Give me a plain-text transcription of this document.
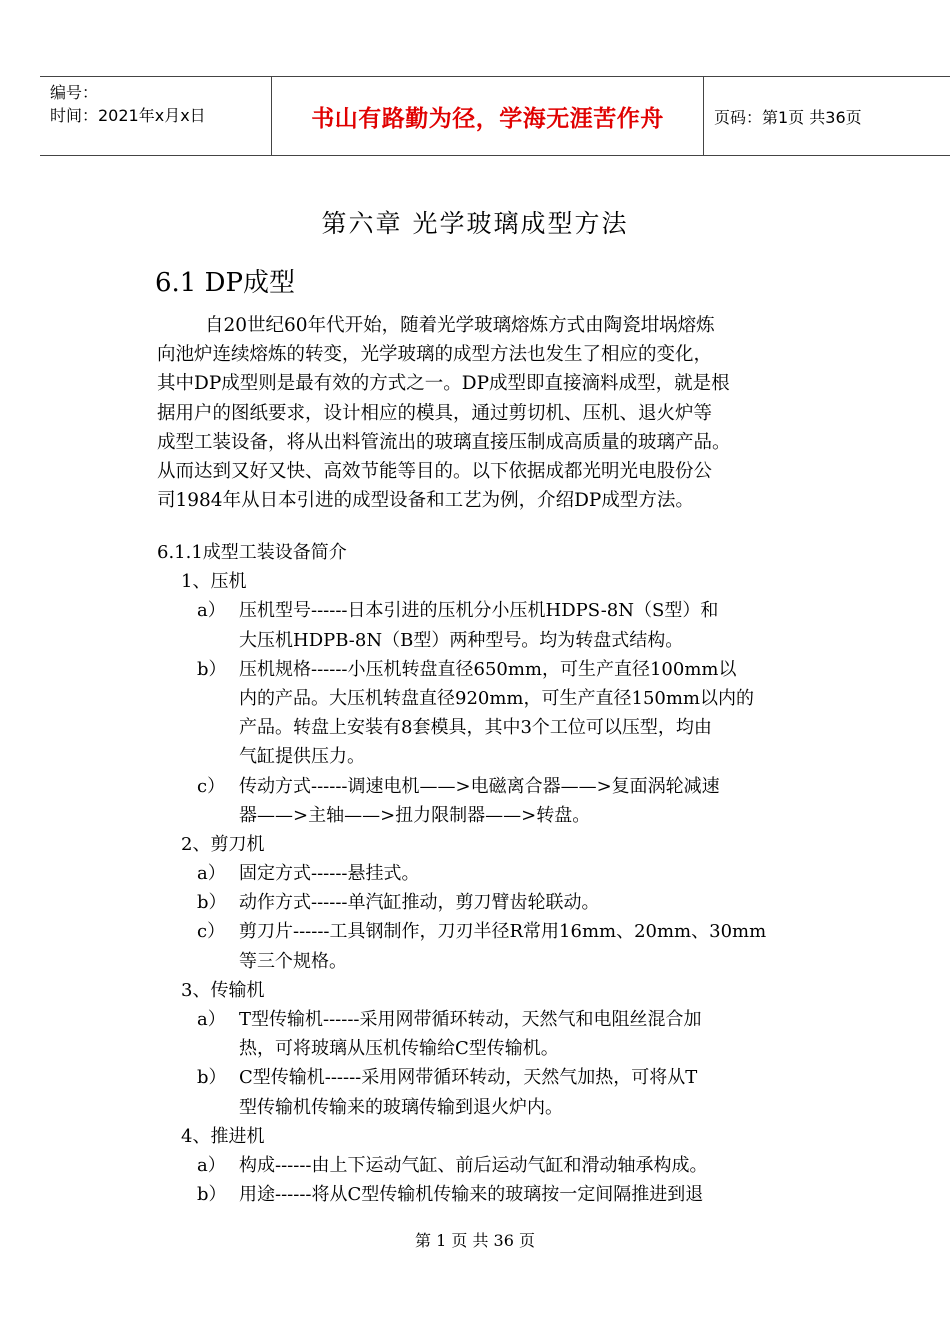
编号：
时间：2021年x月x日	书山有路勤为径，学海无涯苦作舟	页码：第1页 共36页
第六章 光学玻璃成型方法
6.1 DP成型
自20世纪60年代开始，随着光学玻璃熔炼方式由陶瓷坩埚熔炼
向池炉连续熔炼的转变，光学玻璃的成型方法也发生了相应的变化，
其中DP成型则是最有效的方式之一。DP成型即直接滴料成型，就是根
据用户的图纸要求，设计相应的模具，通过剪切机、压机、退火炉等
成型工装设备，将从出料管流出的玻璃直接压制成高质量的玻璃产品。
从而达到又好又快、高效节能等目的。以下依据成都光明光电股份公
司1984年从日本引进的成型设备和工艺为例，介绍DP成型方法。
6.1.1成型工装设备简介
1、压机
a） 压机型号------日本引进的压机分小压机HDPS-8N（S型）和
大压机HDPB-8N（B型）两种型号。均为转盘式结构。
b） 压机规格------小压机转盘直径650mm，可生产直径100mm以
内的产品。大压机转盘直径920mm，可生产直径150mm以内的
产品。转盘上安装有8套模具，其中3个工位可以压型，均由
气缸提供压力。
c） 传动方式------调速电机——>电磁离合器——>复面涡轮减速
器——>主轴——>扭力限制器——>转盘。
2、剪刀机
a） 固定方式------悬挂式。
b） 动作方式------单汽缸推动，剪刀臂齿轮联动。
c） 剪刀片------工具钢制作，刀刃半径R常用16mm、20mm、30mm
等三个规格。
3、传输机
a） T型传输机------采用网带循环转动，天然气和电阻丝混合加
热，可将玻璃从压机传输给C型传输机。
b） C型传输机------采用网带循环转动，天然气加热，可将从T
型传输机传输来的玻璃传输到退火炉内。
4、推进机
a） 构成------由上下运动气缸、前后运动气缸和滑动轴承构成。
b） 用途------将从C型传输机传输来的玻璃按一定间隔推进到退
第 1 页 共 36 页
